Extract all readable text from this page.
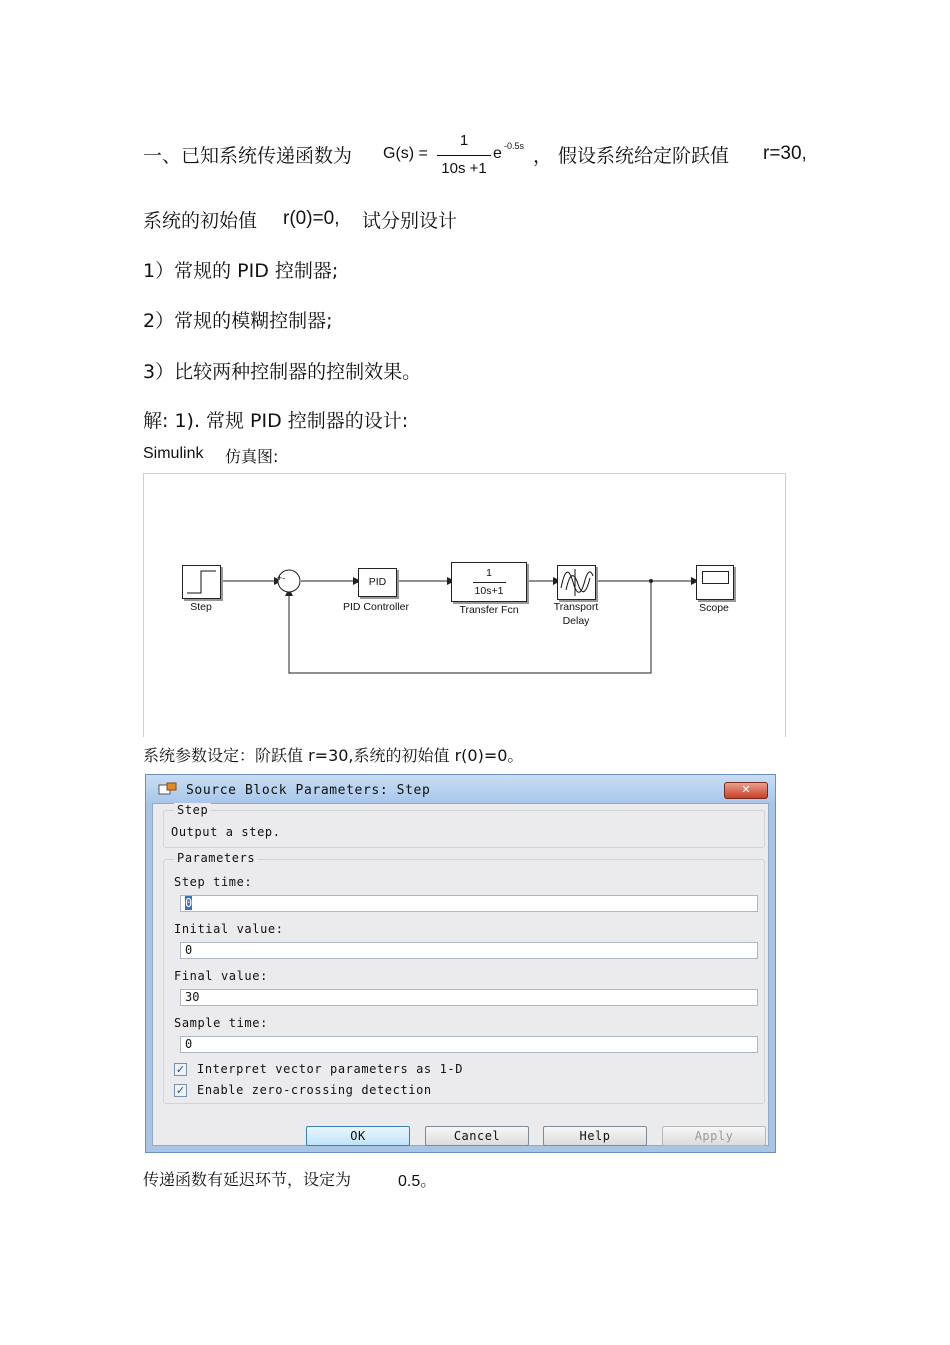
一、已知系统传递函数为 G(s) =
1
10s +1
e -0.5s ， 假设系统给定阶跃值 r=30,
系统的初始值 r(0)=0, 试分别设计
1）常规的 PID 控制器;
2）常规的模糊控制器;
3）比较两种控制器的控制效果。
解: 1). 常规 PID 控制器的设计:
Simulink 仿真图:
+-
Step
PID
PID Controller
1
10s+1
Transfer Fcn	Transport
Delay
Scope
系统参数设定：阶跃值 r=30,系统的初始值 r(0)=0。
Source Block Parameters: Step	✕
Step
Output a step.
Parameters
Step time:
0
Initial value:
0
Final value:
30
Sample time:
0
✓ Interpret vector parameters as 1-D
✓ Enable zero-crossing detection
OK	Cancel	Help	Apply
传递函数有延迟环节，设定为	0.5。
